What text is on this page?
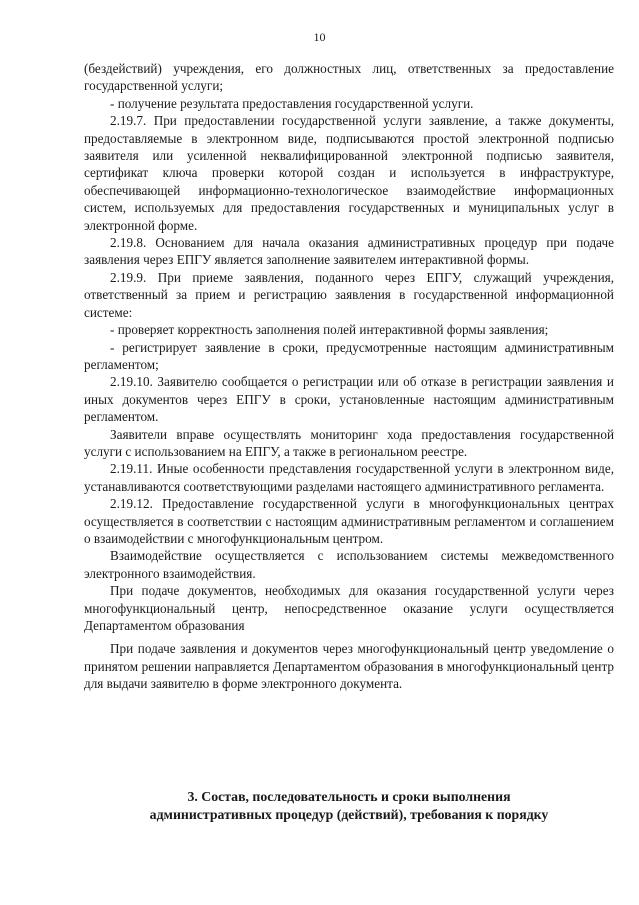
10

(бездействий) учреждения, его должностных лиц, ответственных за предоставление государственной услуги;

- получение результата предоставления государственной услуги.

2.19.7. При предоставлении государственной услуги заявление, а также документы, предоставляемые в электронном виде, подписываются простой электронной подписью заявителя или усиленной неквалифицированной электронной подписью заявителя, сертификат ключа проверки которой создан и используется в инфраструктуре, обеспечивающей информационно-технологическое взаимодействие информационных систем, используемых для предоставления государственных и муниципальных услуг в электронной форме.

2.19.8. Основанием для начала оказания административных процедур при подаче заявления через ЕПГУ является заполнение заявителем интерактивной формы.

2.19.9. При приеме заявления, поданного через ЕПГУ, служащий учреждения, ответственный за прием и регистрацию заявления в государственной информационной системе:

- проверяет корректность заполнения полей интерактивной формы заявления;

- регистрирует заявление в сроки, предусмотренные настоящим административным регламентом;

2.19.10. Заявителю сообщается о регистрации или об отказе в регистрации заявления и иных документов через ЕПГУ в сроки, установленные настоящим административным регламентом.

Заявители вправе осуществлять мониторинг хода предоставления государственной услуги с использованием на ЕПГУ, а также в региональном реестре.

2.19.11. Иные особенности представления государственной услуги в электронном виде, устанавливаются соответствующими разделами настоящего административного регламента.

2.19.12. Предоставление государственной услуги в многофункциональных центрах осуществляется в соответствии с настоящим административным регламентом и соглашением о взаимодействии с многофункциональным центром.

Взаимодействие осуществляется с использованием системы межведомственного электронного взаимодействия.

При подаче документов, необходимых для оказания государственной услуги через многофункциональный центр, непосредственное оказание услуги осуществляется Департаментом образования

При подаче заявления и документов через многофункциональный центр уведомление о принятом решении направляется Департаментом образования в многофункциональный центр для выдачи заявителю в форме электронного документа.

3. Состав, последовательность и сроки выполнения
административных процедур (действий), требования к порядку
